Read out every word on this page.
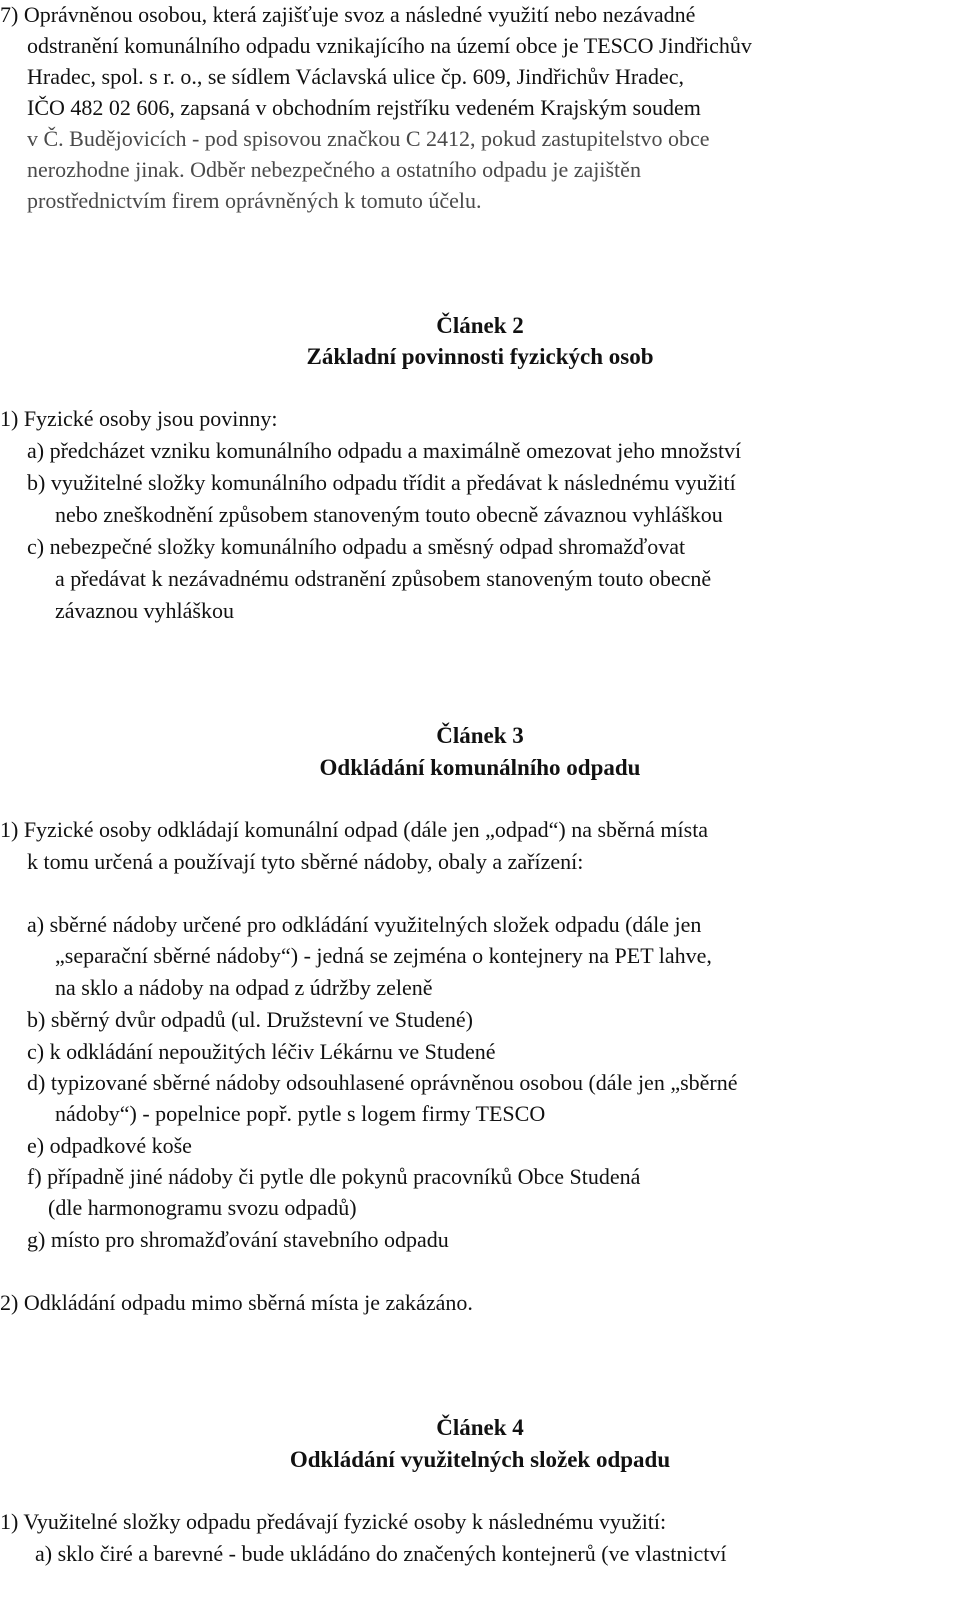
7) Oprávněnou osobou, která zajišťuje svoz a následné využití nebo nezávadné
odstranění komunálního odpadu vznikajícího na území obce je TESCO Jindřichův
Hradec, spol. s r. o., se sídlem Václavská ulice čp. 609, Jindřichův Hradec,
IČO 482 02 606, zapsaná v obchodním rejstříku vedeném Krajským soudem
v Č. Budějovicích - pod spisovou značkou C 2412, pokud zastupitelstvo obce
nerozhodne jinak. Odběr nebezpečného a ostatního odpadu je zajištěn
prostřednictvím firem oprávněných k tomuto účelu.
Článek 2
Základní povinnosti fyzických osob
1) Fyzické osoby jsou povinny:
a) předcházet vzniku komunálního odpadu a maximálně omezovat jeho množství
b) využitelné složky komunálního odpadu třídit a předávat k následnému využití
nebo zneškodnění způsobem stanoveným touto obecně závaznou vyhláškou
c) nebezpečné složky komunálního odpadu a směsný odpad shromažďovat
a předávat k nezávadnému odstranění způsobem stanoveným touto obecně
závaznou vyhláškou
Článek 3
Odkládání komunálního odpadu
1) Fyzické osoby odkládají komunální odpad (dále jen „odpad“) na sběrná místa
k tomu určená a používají tyto sběrné nádoby, obaly a zařízení:
a) sběrné nádoby určené pro odkládání využitelných složek odpadu (dále jen
„separační sběrné nádoby“) - jedná se zejména o kontejnery na PET lahve,
na sklo a nádoby na odpad z údržby zeleně
b) sběrný dvůr odpadů (ul. Družstevní ve Studené)
c) k odkládání nepoužitých léčiv Lékárnu ve Studené
d) typizované sběrné nádoby odsouhlasené oprávněnou osobou (dále jen „sběrné
nádoby“) - popelnice popř. pytle s logem firmy TESCO
e) odpadkové koše
f) případně jiné nádoby či pytle dle pokynů pracovníků Obce Studená
(dle harmonogramu svozu odpadů)
g) místo pro shromažďování stavebního odpadu
2) Odkládání odpadu mimo sběrná místa je zakázáno.
Článek 4
Odkládání využitelných složek odpadu
1) Využitelné složky odpadu předávají fyzické osoby k následnému využití:
a) sklo čiré a barevné - bude ukládáno do značených kontejnerů (ve vlastnictví
